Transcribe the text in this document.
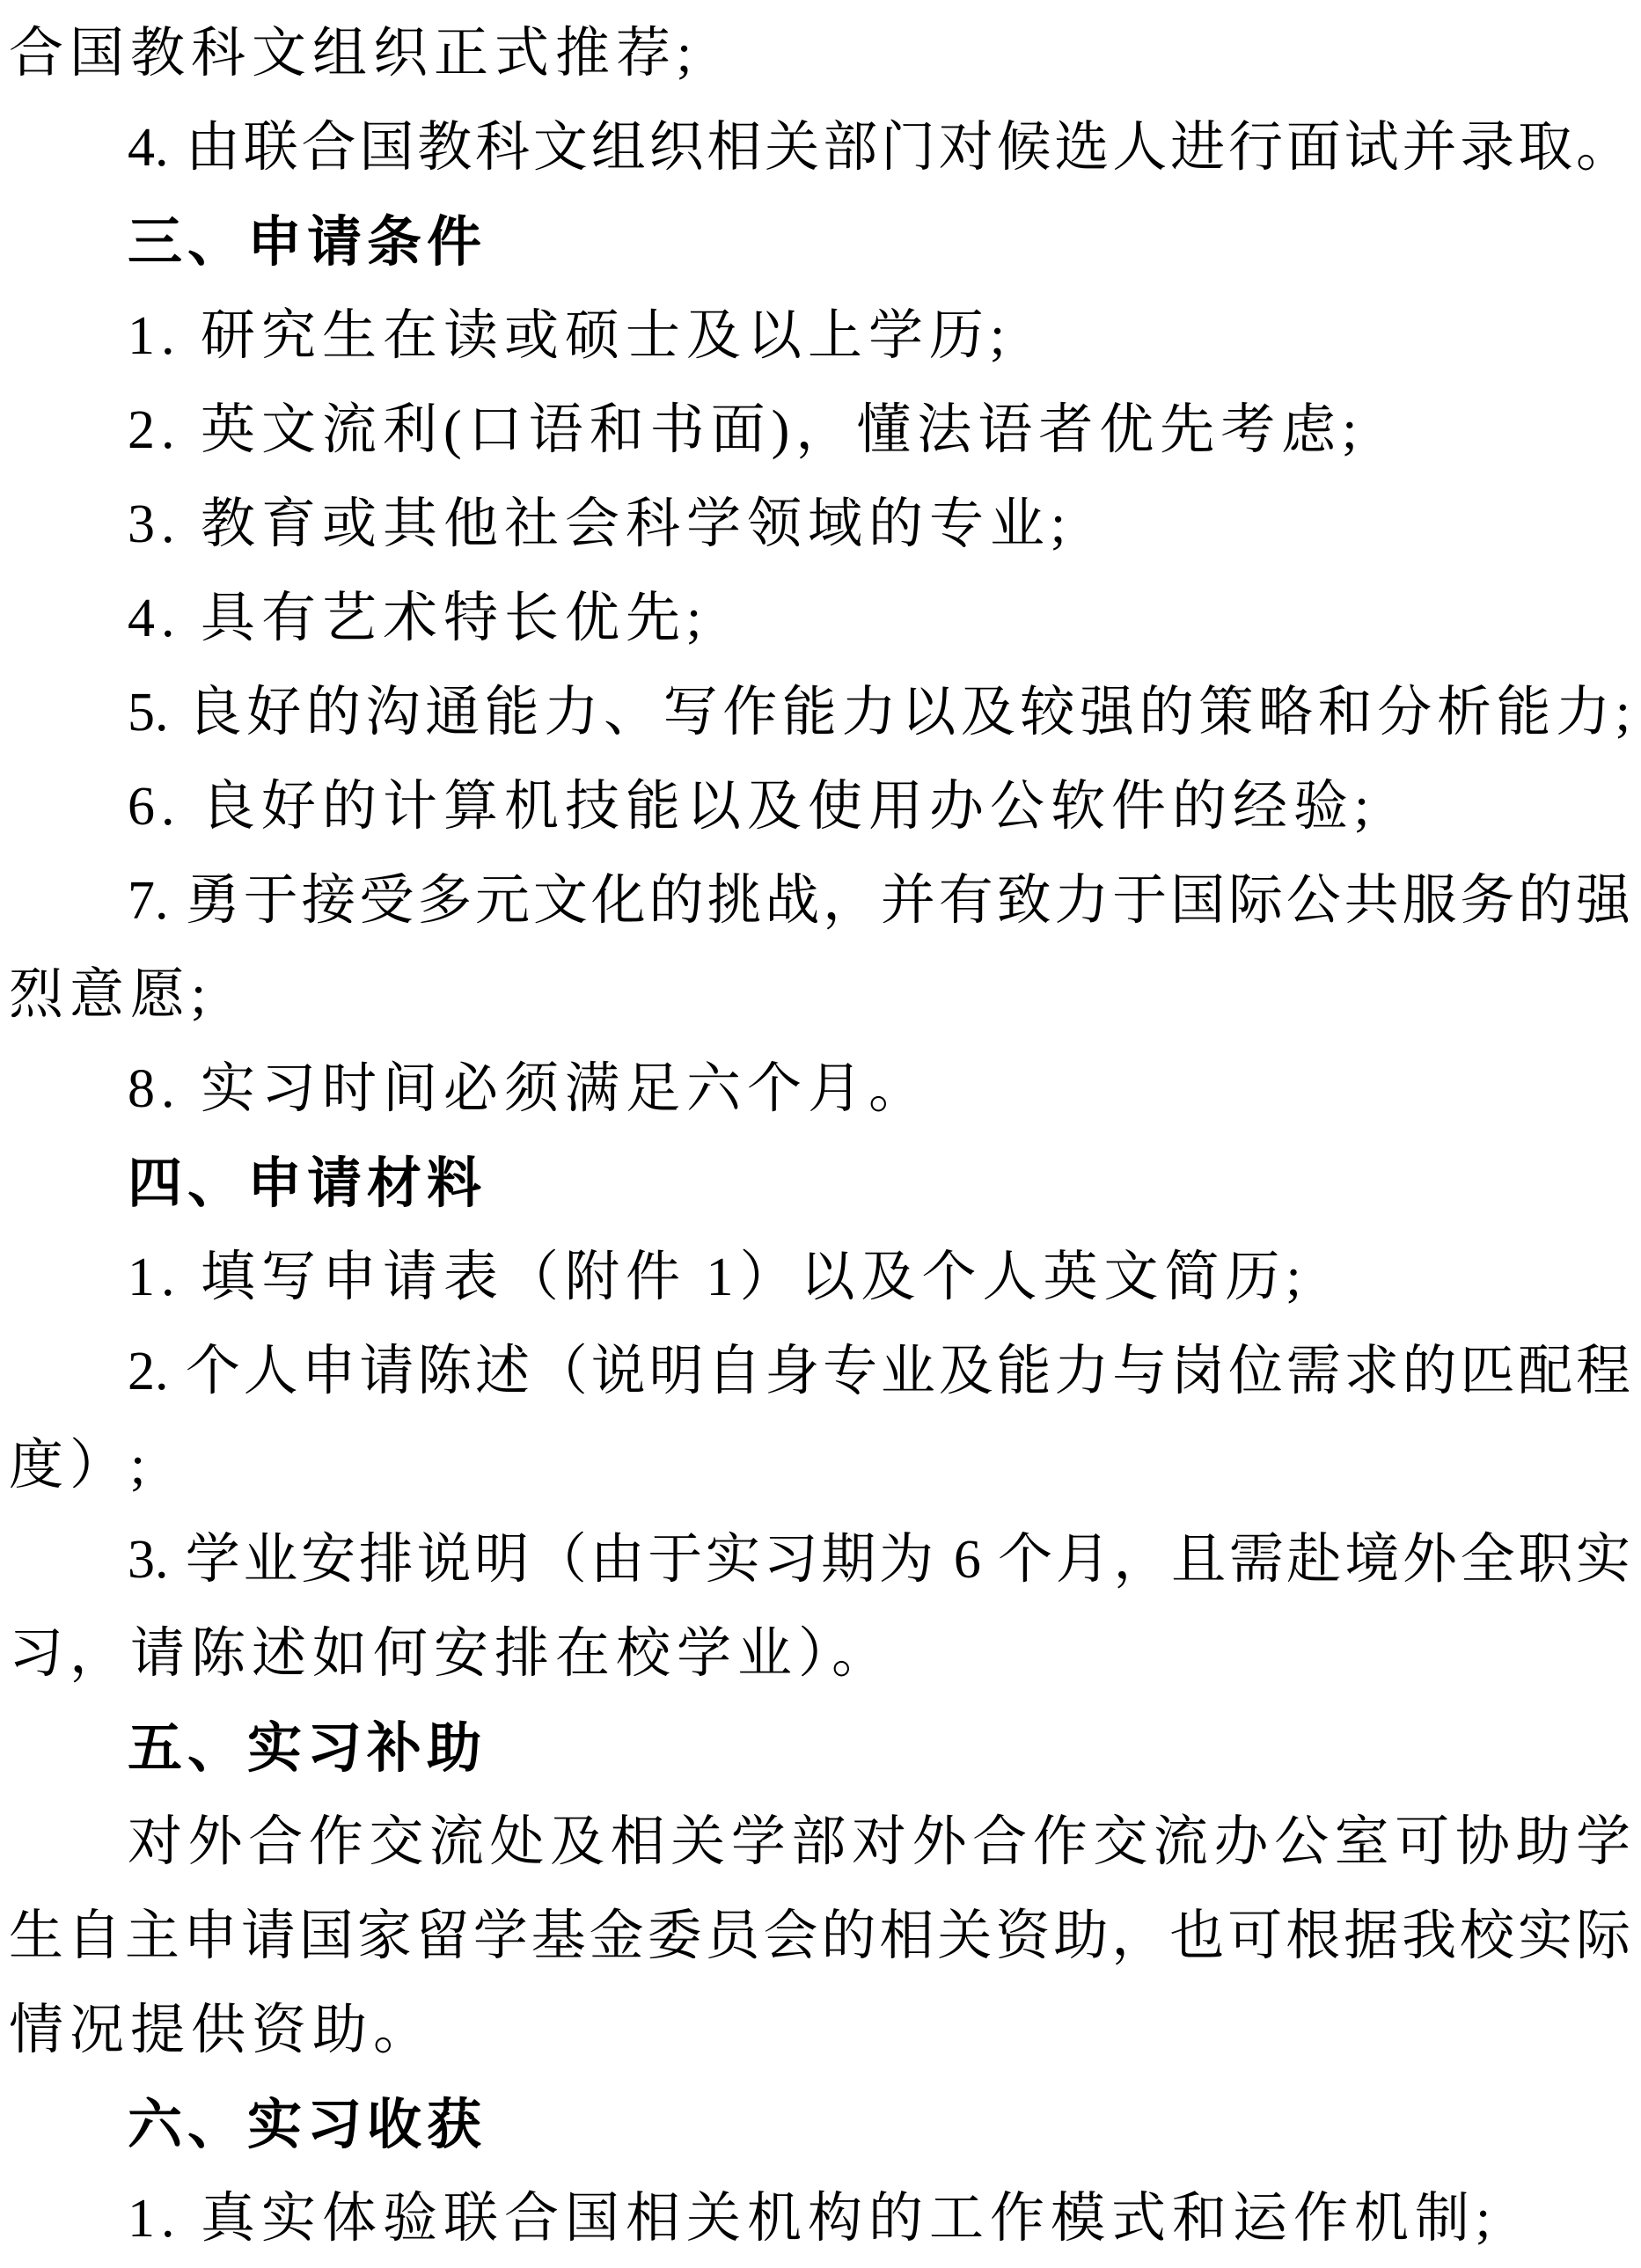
合国教科文组织正式推荐;
4. 由联合国教科文组织相关部门对候选人进行面试并录取。
三、申请条件
1. 研究生在读或硕士及以上学历;
2. 英文流利(口语和书面)，懂法语者优先考虑;
3. 教育或其他社会科学领域的专业;
4. 具有艺术特长优先;
5. 良好的沟通能力、写作能力以及较强的策略和分析能力;
6. 良好的计算机技能以及使用办公软件的经验;
7. 勇于接受多元文化的挑战，并有致力于国际公共服务的强
烈意愿;
8. 实习时间必须满足六个月。
四、申请材料
1. 填写申请表（附件 1）以及个人英文简历;
2. 个人申请陈述（说明自身专业及能力与岗位需求的匹配程
度）;
3. 学业安排说明（由于实习期为 6 个月，且需赴境外全职实
习，请陈述如何安排在校学业）。
五、实习补助
对外合作交流处及相关学部对外合作交流办公室可协助学
生自主申请国家留学基金委员会的相关资助，也可根据我校实际
情况提供资助。
六、实习收获
1. 真实体验联合国相关机构的工作模式和运作机制;
